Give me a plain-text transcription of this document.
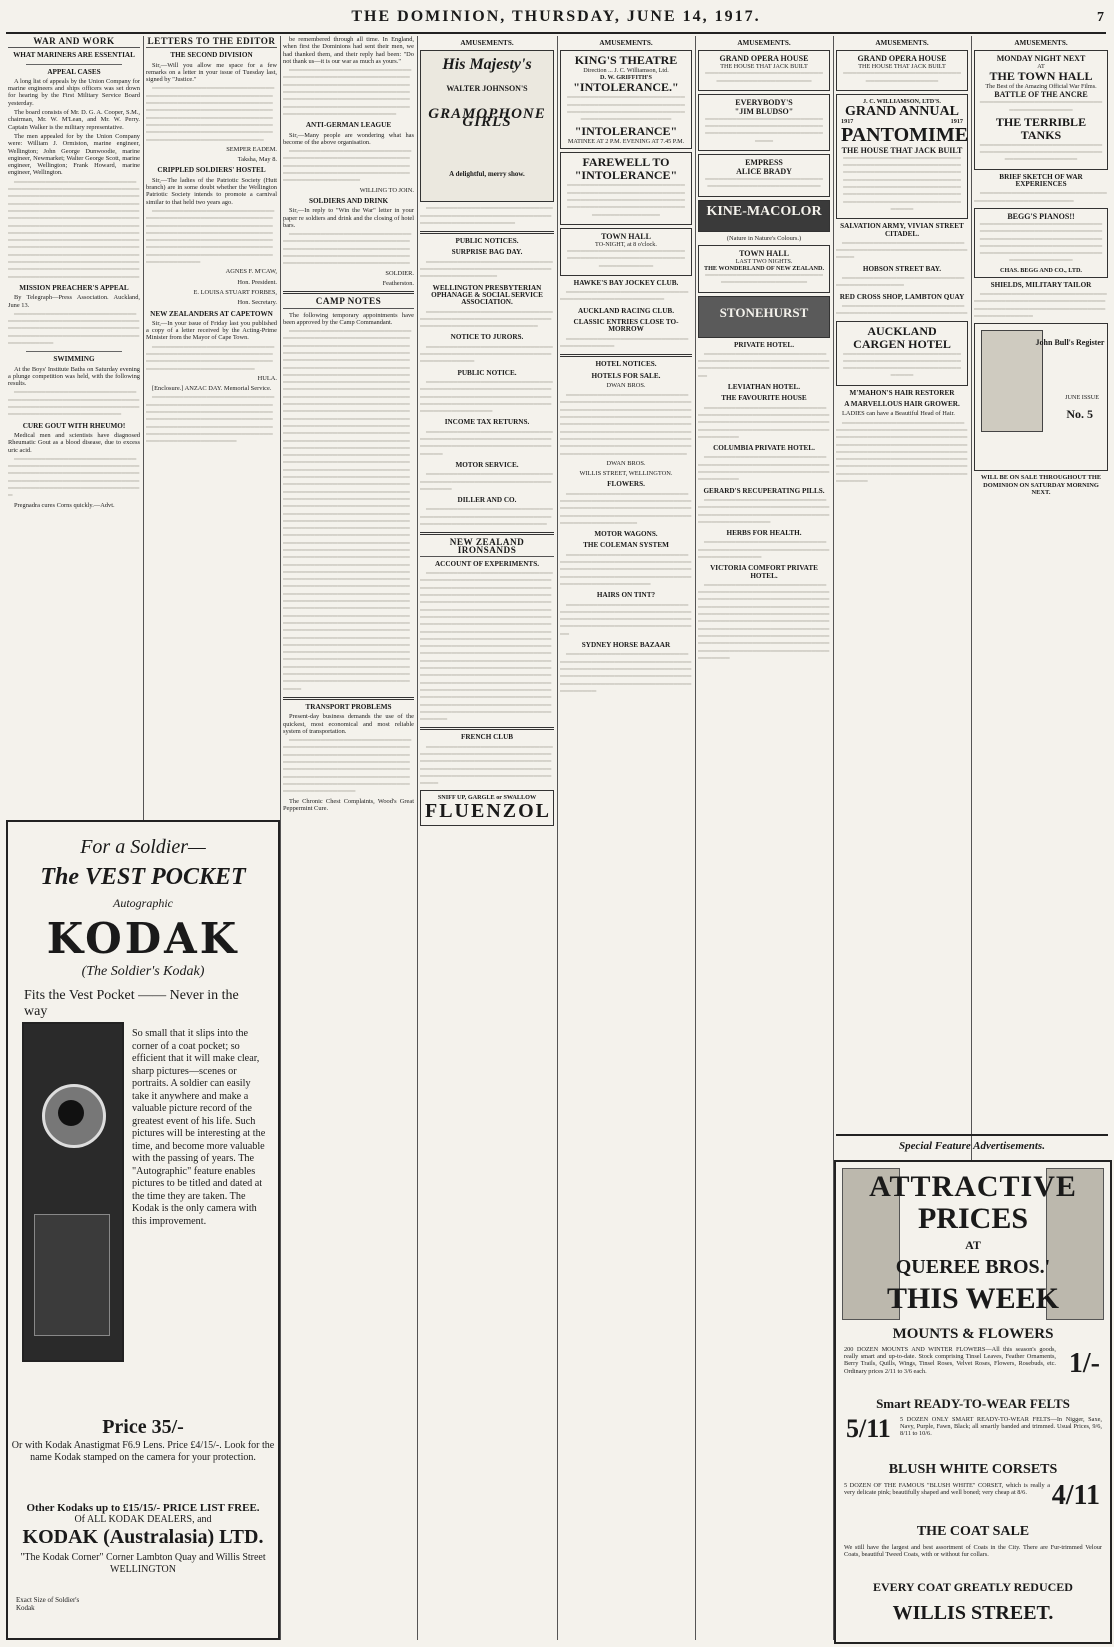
THE DOMINION, THURSDAY, JUNE 14, 1917.	7
WAR AND WORK
WHAT MARINERS ARE ESSENTIAL
APPEAL CASES

A long list of appeals by the Union Company for marine engineers and ships officers was set down for hearing by the First Military Service Board yesterday.

The board consists of Mr. D. G. A. Cooper, S.M., chairman, Mr. W. M'Lean, and Mr. W. Perry. Captain Walker is the military representative.

The men appealed for by the Union Company were: William J. Ormiston, marine engineer, Wellington; John George Dunwoodie, marine engineer, Newmarket; Walter George Scott, marine engineer, Wellington; Frank Howard, marine engineer, Wellington.

════════════════════════════════════════════════════════════════════════════════════════════════════════════════════════════════════════════════════════════════════════════════════════════════════════════════════════════════════════════════════════════════════════════════════════════════════════════════════════════════════════════════════════════════════════════════════════════════════════════════════

MISSION PREACHER'S APPEAL

By Telegraph—Press Association. Auckland, June 13.

════════════════════════════════════════════════════════════════════════════════════════════════════════════════════════════

SWIMMING

At the Boys' Institute Baths on Saturday evening a plunge competition was held, with the following results.

══════════════════════════════════════════════════════════════════════════════════════════════════════════════

CURE GOUT WITH RHEUMO!

Medical men and scientists have diagnosed Rheumatic Gout as a blood disease, due to excess uric acid.

════════════════════════════════════════════════════════════════════════════════════════════════════════════════════════════════════════════════

Pregnadra cures Corns quickly.—Advt.

LETTERS TO THE EDITOR
THE SECOND DIVISION

Sir,—Will you allow me space for a few remarks on a letter in your issue of Tuesday last, signed by "Justice."

═════════════════════════════════════════════════════════════════════════════════════════════════════════════════════════════════════════════════════════════════════════════════════════════════════════════════════════════

SEMPER EADEM.
Taksha, May 8.
CRIPPLED SOLDIERS' HOSTEL

Sir,—The ladies of the Patriotic Society (Hutt branch) are in some doubt whether the Wellington Patriotic Society intends to promote a carnival similar to that held two years ago.

═══════════════════════════════════════════════════════════════════════════════════════════════════════════════════════════════════════════════════════════════════════════════════════════════════════════════

AGNES F. M'CAW,
Hon. President.
E. LOUISA STUART FORBES,
Hon. Secretary.
NEW ZEALANDERS AT CAPETOWN

Sir,—In your issue of Friday last you published a copy of a letter received by the Acting-Prime Minister from the Mayor of Cape Town.

═══════════════════════════════════════════════════════════════════════════════════════════════════════════

HULA.

[Enclosure.] ANZAC DAY. Memorial Service.

═══════════════════════════════════════════════════════════════════════════════════════════════════════════════════════════════════════════════════════════════════════════════════════════

For a Soldier—
The VEST POCKET
Autographic
KODAK
(The Soldier's Kodak)
Fits the Vest Pocket —— Never in the way
So small that it slips into the corner of a coat pocket; so efficient that it will make clear, sharp pictures—scenes or portraits. A soldier can easily take it anywhere and make a valuable picture record of the greatest event of his life. Such pictures will be interesting at the time, and become more valuable with the passing of years. The "Autographic" feature enables pictures to be titled and dated at the time they are taken. The Kodak is the only camera with this improvement.
Price 35/-
Or with Kodak Anastigmat F6.9 Lens. Price £4/15/-. Look for the name Kodak stamped on the camera for your protection.
Other Kodaks up to £15/15/- PRICE LIST FREE.
Of ALL KODAK DEALERS, and
KODAK (Australasia) LTD.
"The Kodak Corner" Corner Lambton Quay and Willis Street WELLINGTON
Exact Size of Soldier's Kodak

be remembered through all time. In England, when first the Dominions had sent their men, we had thanked them, and their reply had been: "Do not thank us—it is our war as much as yours."

════════════════════════════════════════════════════════════════════════════════════════════════════════════════════════════════════════════════════════════════════════════════════════════════

ANTI-GERMAN LEAGUE

Sir,—Many people are wondering what has become of the above organisation.

════════════════════════════════════════════════════════════════════════════════════════════════════════════════════════════════

WILLING TO JOIN.
SOLDIERS AND DRINK

Sir,—In reply to "Win the War" letter in your paper re soldiers and drink and the closing of hotel bars.

═══════════════════════════════════════════════════════════════════════════════════════════════════════════════════════════════════════════

SOLDIER.
Featherston.
CAMP NOTES

The following temporary appointments have been approved by the Camp Commandant.

═══════════════════════════════════════════════════════════════════════════════════════════════════════════════════════════════════════════════════════════════════════════════════════════════════════════════════════════════════════════════════════════════════════════════════════════════════════════════════════════════════════════════════════════════════════════════════════════════════════════════════════════════════════════════════════════════════════════════════════════════════════════════════════════════════════════════════════════════════════════════════════════════════════════════════════════════════════════════════════════════════════════════════════════════════════════════════════════════════════════════════════════════════════════════════════════════════════════════════════════════════════════════════════════════════════════════════════════════════════════════════════════════════════════════════════════════════════════════════════════════════════════════════════════════════════════════════════════════════════════════════════════════════════════════════════════════════════════════════════════════════════════════════════════════════════════════════════════════════════════════════════════════════════════════════════════════════════════════════════════════════════════════════════════════════════════════════════════════════════════════════════════════

TRANSPORT PROBLEMS

Present-day business demands the use of the quickest, most economical and most reliable system of transportation.

═══════════════════════════════════════════════════════════════════════════════════════════════════════════════════════════════════════════════════════════════════════════════════════════════════════════════════

The Chronic Chest Complaints, Wood's Great Peppermint Cure.

AMUSEMENTS.
His Majesty's
WALTER JOHNSON'S
GRAMOPHONE GIRLS
A delightful, merry show.

══════════════════════════════════════════════════════════════════════════════

PUBLIC NOTICES.
SURPRISE BAG DAY.

══════════════════════════════════════════════════════════════════════════

WELLINGTON PRESBYTERIAN OPHANAGE & SOCIAL SERVICE ASSOCIATION.

═══════════════════════════════════════════════════════════════════════════════════

NOTICE TO JURORS.

═════════════════════════════════════════════════════════════════════

PUBLIC NOTICE.

═══════════════════════════════════════════════════════════════════════════════════════════════════════════════════════════════════

INCOME TAX RETURNS.

═══════════════════════════════════════════════════════════════════════════════════════════

MOTOR SERVICE.

════════════════════════════════════════════════════════════════

DILLER AND CO.

═════════════════════════════════════════════════════════════════════════════════════

NEW ZEALAND IRONSANDS
ACCOUNT OF EXPERIMENTS.

═════════════════════════════════════════════════════════════════════════════════════════════════════════════════════════════════════════════════════════════════════════════════════════════════════════════════════════════════════════════════════════════════════════════════════════════════════════════════════════════════════════════════════════════════════════════════════════════════════════════════════════════════════════════════════════════════════════════════════════════════════════════════════════════════════════════════════════════════════════════════════════════════════════

FRENCH CLUB

════════════════════════════════════════════════════════════════════════════════════════════════════════════════════════════════════════════════════

SNIFF UP, GARGLE or SWALLOW
FLUENZOL
AMUSEMENTS.
KING'S THEATRE
Direction ... J. C. Williamson, Ltd.
D. W. GRIFFITH'S
"INTOLERANCE."

══════════════════════════════════════════════════════════════════════════════════════════════════

"INTOLERANCE"
MATINEE AT 2 P.M. EVENING AT 7.45 P.M.
FAREWELL TO
"INTOLERANCE"

═══════════════════════════════════════════════════════════════════════════════════════════════════════════════════════

TOWN HALL
TO-NIGHT, at 8 o'clock.

════════════════════════════════════════════════════════════════

HAWKE'S BAY JOCKEY CLUB.

══════════════════════════════════════════════════

AUCKLAND RACING CLUB.
CLASSIC ENTRIES CLOSE TO-MORROW

═══════════════════════════════════════

HOTEL NOTICES.
HOTELS FOR SALE.
DWAN BROS.

══════════════════════════════════════════════════════════════════════════════════════════════════════════════════════════════════════════════════════════════════════════════════════════════════════════════════════════════════════════════════════════════════

DWAN BROS.
WILLIS STREET, WELLINGTON.
FLOWERS.

═══════════════════════════════════════════════════════════════════════════════════════════════════════════════════════════════════

MOTOR WAGONS.
THE COLEMAN SYSTEM

══════════════════════════════════════════════════════════════════════════════════════════════════════════════════════════════════════

HAIRS ON TINT?

════════════════════════════════════════════════════════════════════════════════════════════════════════════════════

SYDNEY HORSE BAZAAR

═══════════════════════════════════════════════════════════════════════════════════════════════════════════════════════════════════════════════════════

AMUSEMENTS.
GRAND OPERA HOUSE
THE HOUSE THAT JACK BUILT

═══════════════════════════════════════════════

EVERYBODY'S
"JIM BLUDSO"

══════════════════════════════════════════════════════════════════════════════════

EMPRESS
ALICE BRADY

═══════════════════════════════════════════════════

KINE-MACOLOR
(Nature in Nature's Colours.)
TOWN HALL
LAST TWO NIGHTS.
THE WONDERLAND OF NEW ZEALAND.

═════════════════════════════════════════════

STONEHURST
PRIVATE HOTEL.

═══════════════════════════════════════════════════════════════════════════════════════

LEVIATHAN HOTEL.
THE FAVOURITE HOUSE

═══════════════════════════════════════════════════════════════════════════════════════════════════════════════════════════

COLUMBIA PRIVATE HOTEL.

══════════════════════════════════════════════════════════════════════════════════════════════

GERARD'S RECUPERATING PILLS.

═════════════════════════════════════════════════════════════════════════════════════════════════════

HERBS FOR HEALTH.

══════════════════════════════════════════════════════════════════════

VICTORIA COMFORT PRIVATE HOTEL.

═══════════════════════════════════════════════════════════════════════════════════════════════════════════════════════════════════════════════════════════════════════════════════════════════════════════════════════════════════════════════════════════════════════════════════════════════════════

AMUSEMENTS.
GRAND OPERA HOUSE
THE HOUSE THAT JACK BUILT

══════════════════════════════════════════

J. C. WILLIAMSON, LTD'S.
GRAND ANNUAL
1917	1917
PANTOMIME
THE HOUSE THAT JACK BUILT

═══════════════════════════════════════════════════════════════════════════════════════════════════════════════════════════════════════════════════════════════════════════════════════════

SALVATION ARMY, VIVIAN STREET CITADEL.

════════════════════════════════════════════════════════════

HOBSON STREET BAY.

══════════════════════════════════════════

RED CROSS SHOP, LAMBTON QUAY

════════════════════════════════════════════════════════

AUCKLAND CARGEN HOTEL

═══════════════════════════════════════════════════════════════════════════════════

M'MAHON'S HAIR RESTORER
A MARVELLOUS HAIR GROWER.

LADIES can have a Beautiful Head of Hair.

═════════════════════════════════════════════════════════════════════════════════════════════════════════════════════════════════════════════════════════════════════════════════════════════════════════════════════════════════════════════

AMUSEMENTS.
MONDAY NIGHT NEXT
AT
THE TOWN HALL
The Best of the Amazing Official War Films.
BATTLE OF THE ANCRE

═════════════════════════════════════════

THE TERRIBLE TANKS

══════════════════════════════════════════════════════════════════════

BRIEF SKETCH OF WAR EXPERIENCES

══════════════════════════════════════════════════

BEGG'S PIANOS!!

═════════════════════════════════════════════════════════════════════════════════════════════════════════════════════════════════════════════════════

CHAS. BEGG AND CO., LTD.
SHIELDS, MILITARY TAILOR

═══════════════════════════════════════════════════════════════════════════════════════════════════

John Bull's Register
JUNE ISSUE
No. 5
WILL BE ON SALE THROUGHOUT THE DOMINION ON SATURDAY MORNING NEXT.
Special Feature Advertisements.
ATTRACTIVE
PRICES
AT
QUEREE BROS.'
THIS WEEK
MOUNTS & FLOWERS
200 DOZEN MOUNTS AND WINTER FLOWERS—All this season's goods, really smart and up-to-date. Stock comprising Tinsel Leaves, Feather Ornaments, Berry Trails, Quills, Wings, Tinsel Roses, Velvet Roses, Flowers, Rosebuds, etc. Ordinary prices 2/11 to 3/6 each.	1/-
Smart READY-TO-WEAR FELTS
5/11 5 DOZEN ONLY SMART READY-TO-WEAR FELTS—In Nigger, Saxe, Navy, Purple, Fawn, Black; all smartly banded and trimmed. Usual Prices, 9/6, 8/11 to 10/6.
BLUSH WHITE CORSETS
5 DOZEN OF THE FAMOUS "BLUSH WHITE" CORSET, which is really a very delicate pink; beautifully shaped and well boned; very cheap at 8/6. 4/11
THE COAT SALE
We still have the largest and best assortment of Coats in the City. There are Fur-trimmed Velour Coats, beautiful Tweed Coats, with or without fur collars.
EVERY COAT GREATLY REDUCED
WILLIS STREET.
